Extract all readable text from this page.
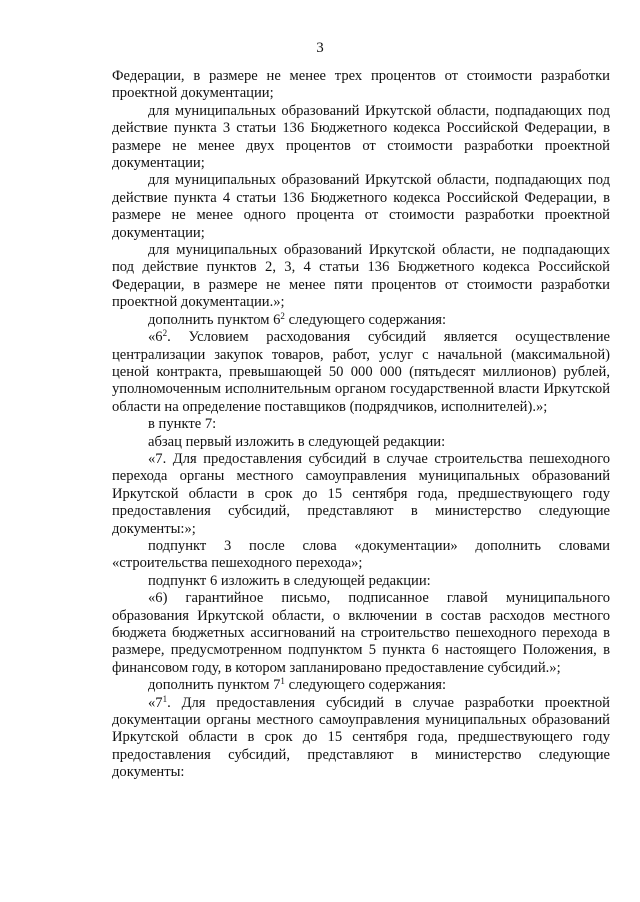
3

Федерации, в размере не менее трех процентов от стоимости разработки проектной документации;

для муниципальных образований Иркутской области, подпадающих под действие пункта 3 статьи 136 Бюджетного кодекса Российской Федерации, в размере не менее двух процентов от стоимости разработки проектной документации;

для муниципальных образований Иркутской области, подпадающих под действие пункта 4 статьи 136 Бюджетного кодекса Российской Федерации, в размере не менее одного процента от стоимости разработки проектной документации;

для муниципальных образований Иркутской области, не подпадающих под действие пунктов 2, 3, 4 статьи 136 Бюджетного кодекса Российской Федерации, в размере не менее пяти процентов от стоимости разработки проектной документации.»;

дополнить пунктом $6^2$ следующего содержания:

«$6^2$. Условием расходования субсидий является осуществление централизации закупок товаров, работ, услуг с начальной (максимальной) ценой контракта, превышающей 50 000 000 (пятьдесят миллионов) рублей, уполномоченным исполнительным органом государственной власти Иркутской области на определение поставщиков (подрядчиков, исполнителей).»;

в пункте 7:

абзац первый изложить в следующей редакции:

«7. Для предоставления субсидий в случае строительства пешеходного перехода органы местного самоуправления муниципальных образований Иркутской области в срок до 15 сентября года, предшествующего году предоставления субсидий, представляют в министерство следующие документы:»;

подпункт 3 после слова «документации» дополнить словами «строительства пешеходного перехода»;

подпункт 6 изложить в следующей редакции:

«6) гарантийное письмо, подписанное главой муниципального образования Иркутской области, о включении в состав расходов местного бюджета бюджетных ассигнований на строительство пешеходного перехода в размере, предусмотренном подпунктом 5 пункта 6 настоящего Положения, в финансовом году, в котором запланировано предоставление субсидий.»;

дополнить пунктом $7^1$ следующего содержания:

«$7^1$. Для предоставления субсидий в случае разработки проектной документации органы местного самоуправления муниципальных образований Иркутской области в срок до 15 сентября года, предшествующего году предоставления субсидий, представляют в министерство следующие документы:
